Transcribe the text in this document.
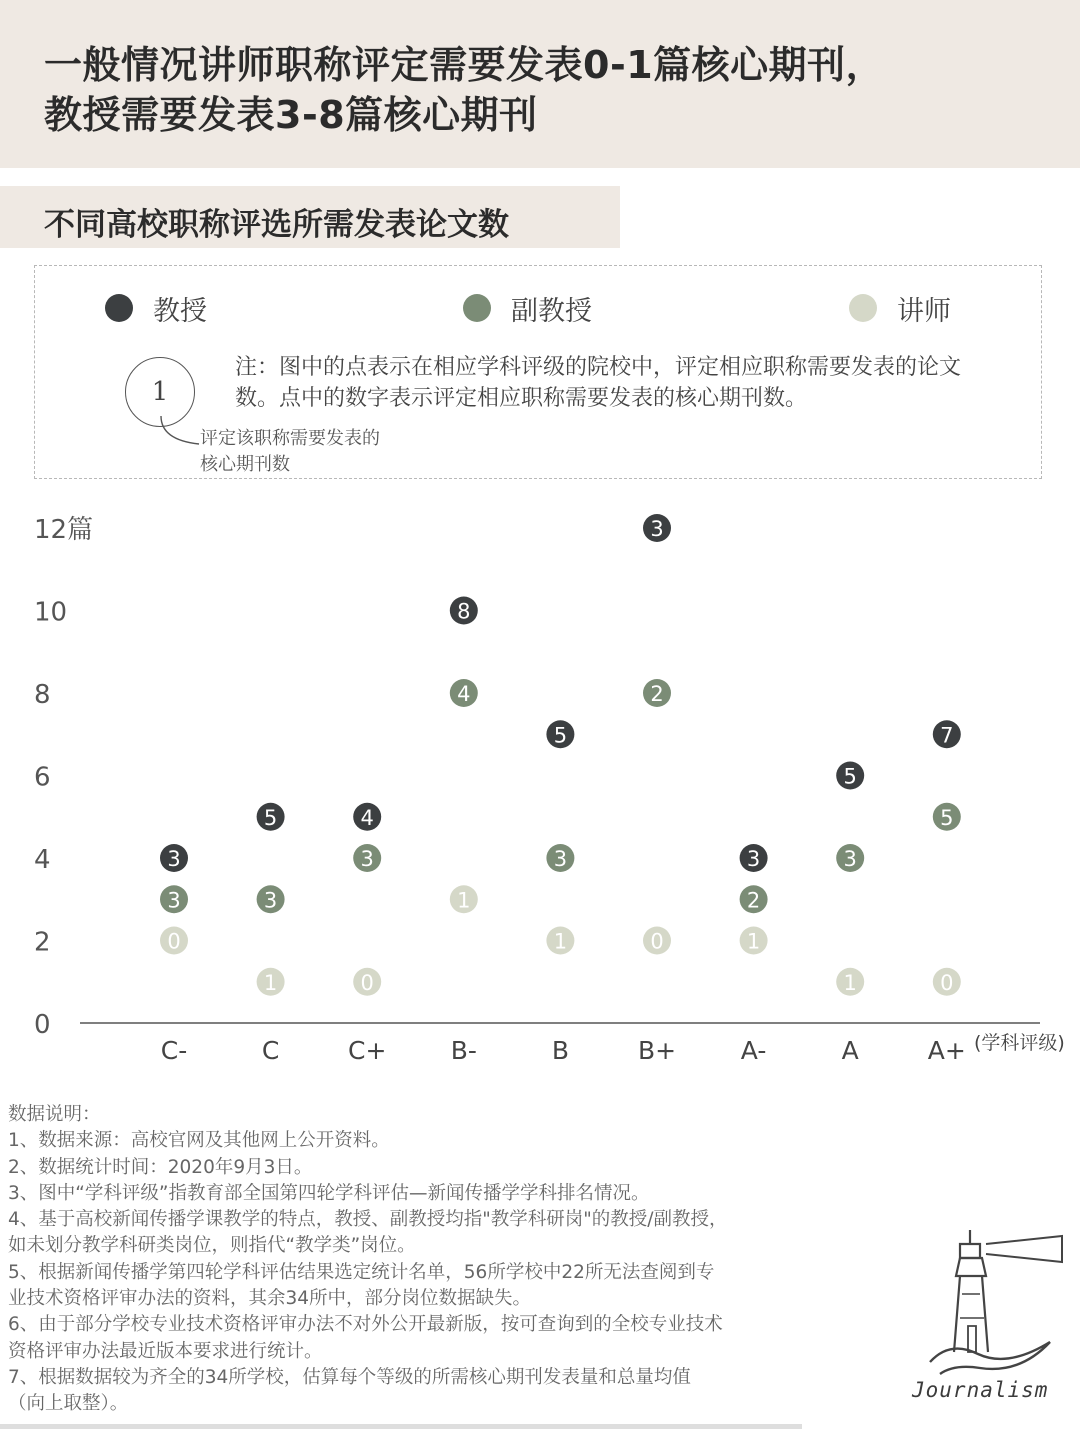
一般情况讲师职称评定需要发表0-1篇核心期刊，
教授需要发表3-8篇核心期刊
不同高校职称评选所需发表论文数
教授	副教授	讲师
1
评定该职称需要发表的核心期刊数
注：图中的点表示在相应学科评级的院校中，评定相应职称需要发表的论文数。点中的数字表示评定相应职称需要发表的核心期刊数。
0
2
4
6
8
10
12篇
C-	C	C+	B-	B	B+	A-	A	A+ (学科评级)
3
5	4
8
5
3
3
5
7
3	3
3
4
3
2
2
3
5
0
1	0
1
1	0	1
1	0
数据说明：
1、数据来源：高校官网及其他网上公开资料。
2、数据统计时间：2020年9月3日。
3、图中“学科评级”指教育部全国第四轮学科评估—新闻传播学学科排名情况。
4、基于高校新闻传播学课教学的特点，教授、副教授均指"教学科研岗"的教授/副教授，
如未划分教学科研类岗位，则指代“教学类”岗位。
5、根据新闻传播学第四轮学科评估结果选定统计名单，56所学校中22所无法查阅到专
业技术资格评审办法的资料，其余34所中，部分岗位数据缺失。
6、由于部分学校专业技术资格评审办法不对外公开最新版，按可查询到的全校专业技术
资格评审办法最近版本要求进行统计。
7、根据数据较为齐全的34所学校，估算每个等级的所需核心期刊发表量和总量均值
（向上取整）。
Journalism
